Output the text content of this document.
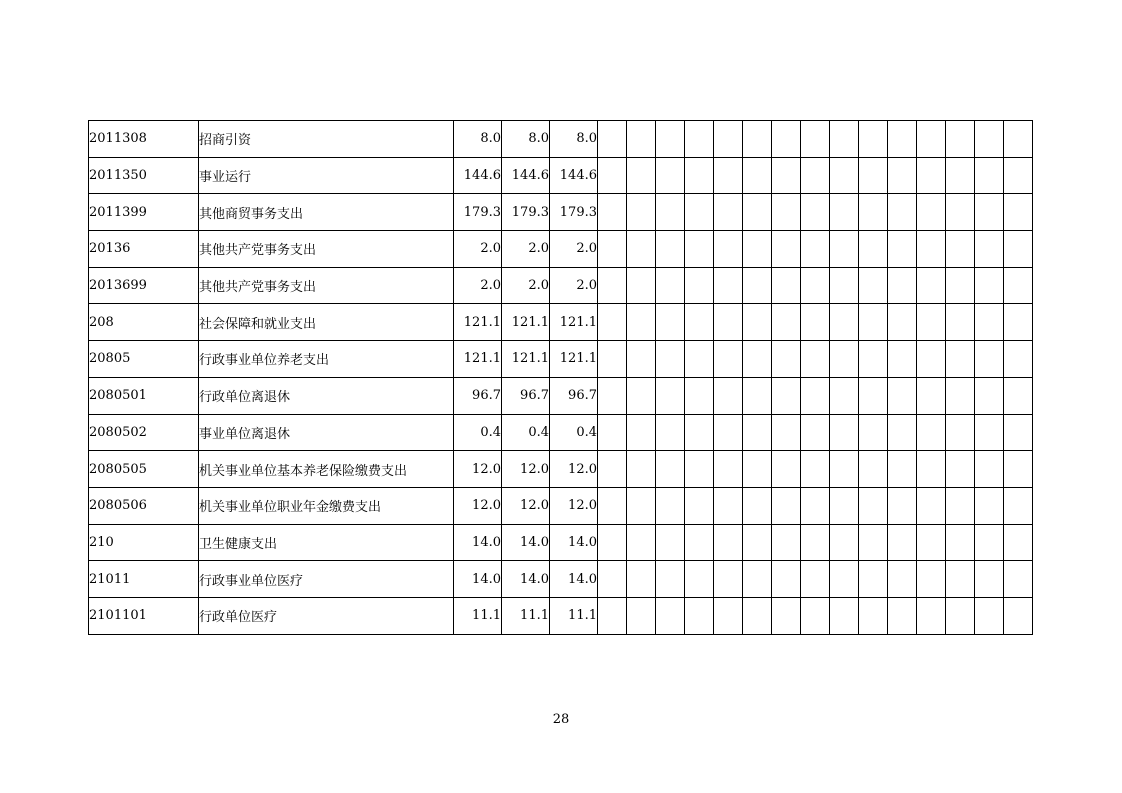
2011308	招商引资	8.0	8.0	8.0															
2011350	事业运行	144.6	144.6	144.6															
2011399	其他商贸事务支出	179.3	179.3	179.3															
20136	其他共产党事务支出	2.0	2.0	2.0															
2013699	其他共产党事务支出	2.0	2.0	2.0															
208	社会保障和就业支出	121.1	121.1	121.1															
20805	行政事业单位养老支出	121.1	121.1	121.1															
2080501	行政单位离退休	96.7	96.7	96.7															
2080502	事业单位离退休	0.4	0.4	0.4															
2080505	机关事业单位基本养老保险缴费支出	12.0	12.0	12.0															
2080506	机关事业单位职业年金缴费支出	12.0	12.0	12.0															
210	卫生健康支出	14.0	14.0	14.0															
21011	行政事业单位医疗	14.0	14.0	14.0															
2101101	行政单位医疗	11.1	11.1	11.1															
28
